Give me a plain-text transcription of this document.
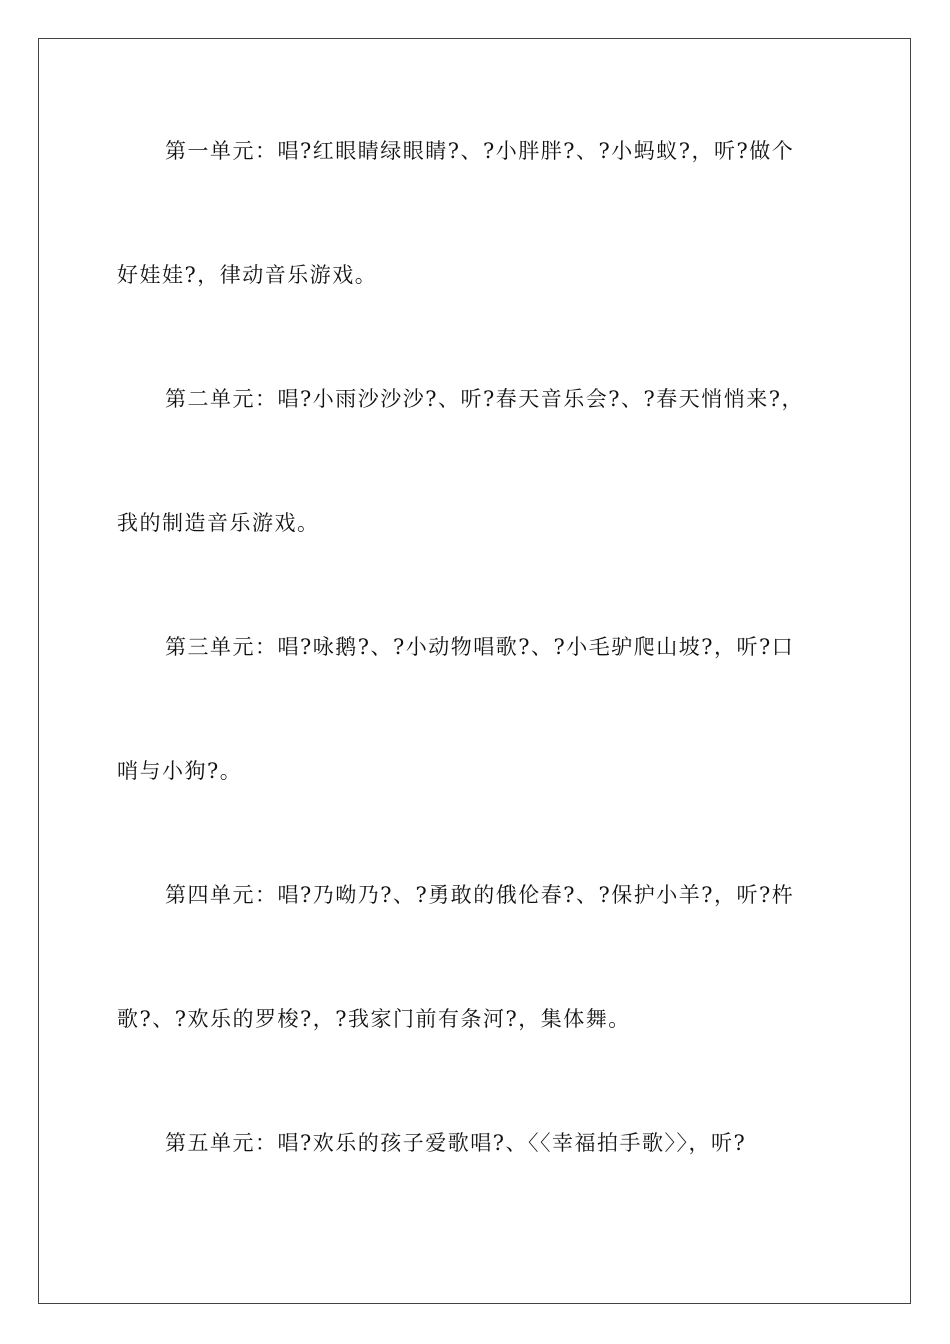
第一单元：唱?红眼睛绿眼睛?、?小胖胖?、?小蚂蚁?，听?做个
好娃娃?，律动音乐游戏。
第二单元：唱?小雨沙沙沙?、听?春天音乐会?、?春天悄悄来?，
我的制造音乐游戏。
第三单元：唱?咏鹅?、?小动物唱歌?、?小毛驴爬山坡?，听?口
哨与小狗?。
第四单元：唱?乃呦乃?、?勇敢的俄伦春?、?保护小羊?，听?杵
歌?、?欢乐的罗梭?，?我家门前有条河?，集体舞。
第五单元：唱?欢乐的孩子爱歌唱?、〈〈幸福拍手歌〉〉，听?
